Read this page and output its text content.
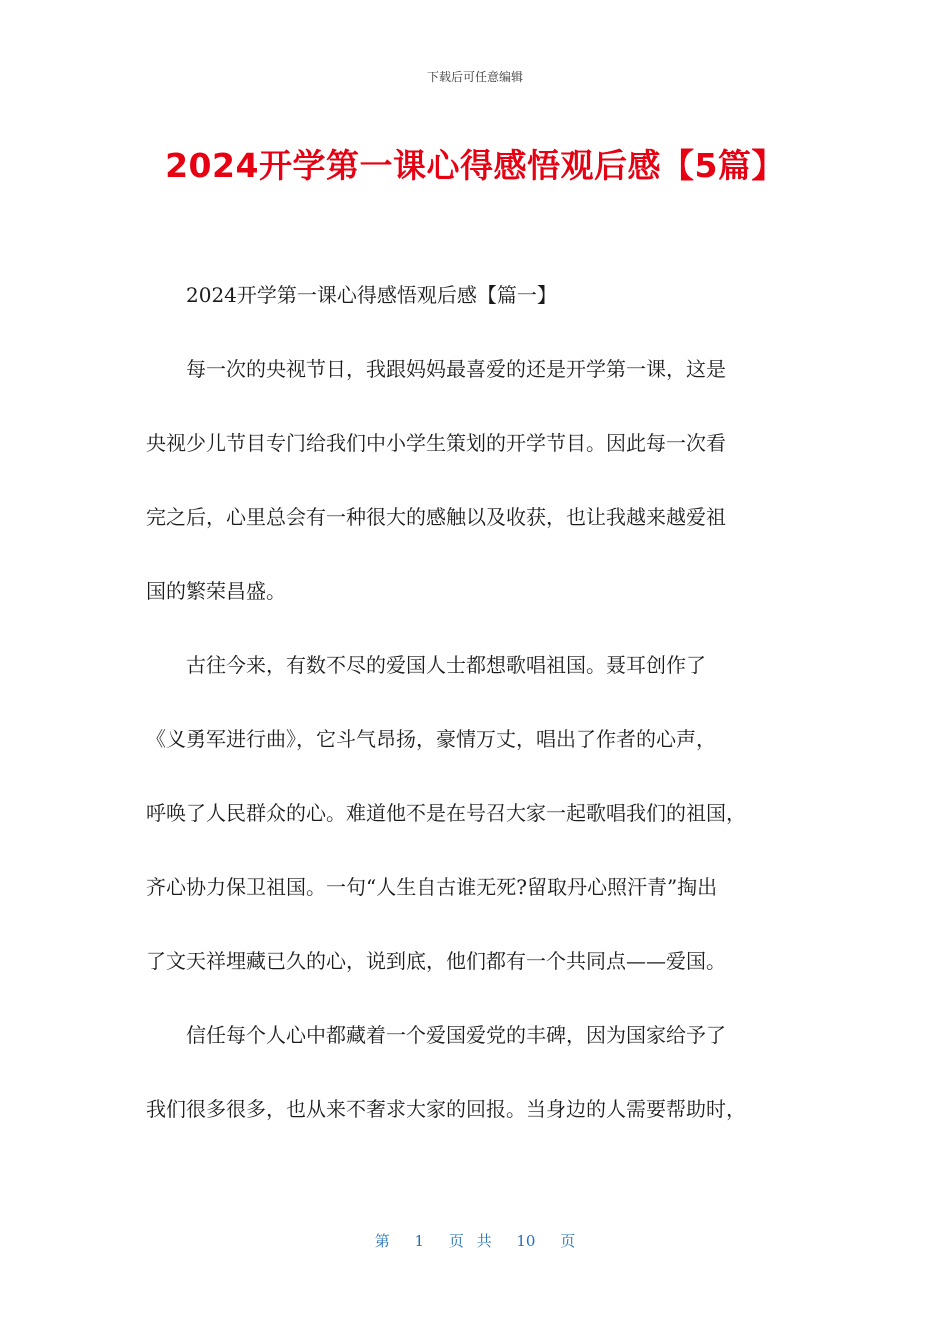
下载后可任意编辑
2024开学第一课心得感悟观后感【5篇】

2024开学第一课心得感悟观后感【篇一】

每一次的央视节日，我跟妈妈最喜爱的还是开学第一课，这是
央视少儿节目专门给我们中小学生策划的开学节目。因此每一次看
完之后，心里总会有一种很大的感触以及收获，也让我越来越爱祖
国的繁荣昌盛。

古往今来，有数不尽的爱国人士都想歌唱祖国。聂耳创作了
《义勇军进行曲》，它斗气昂扬，豪情万丈，唱出了作者的心声，
呼唤了人民群众的心。难道他不是在号召大家一起歌唱我们的祖国，
齐心协力保卫祖国。一句“人生自古谁无死?留取丹心照汗青”掏出
了文天祥埋藏已久的心，说到底，他们都有一个共同点——爱国。

信任每个人心中都藏着一个爱国爱党的丰碑，因为国家给予了
我们很多很多，也从来不奢求大家的回报。当身边的人需要帮助时，

第 1 页 共 10 页
